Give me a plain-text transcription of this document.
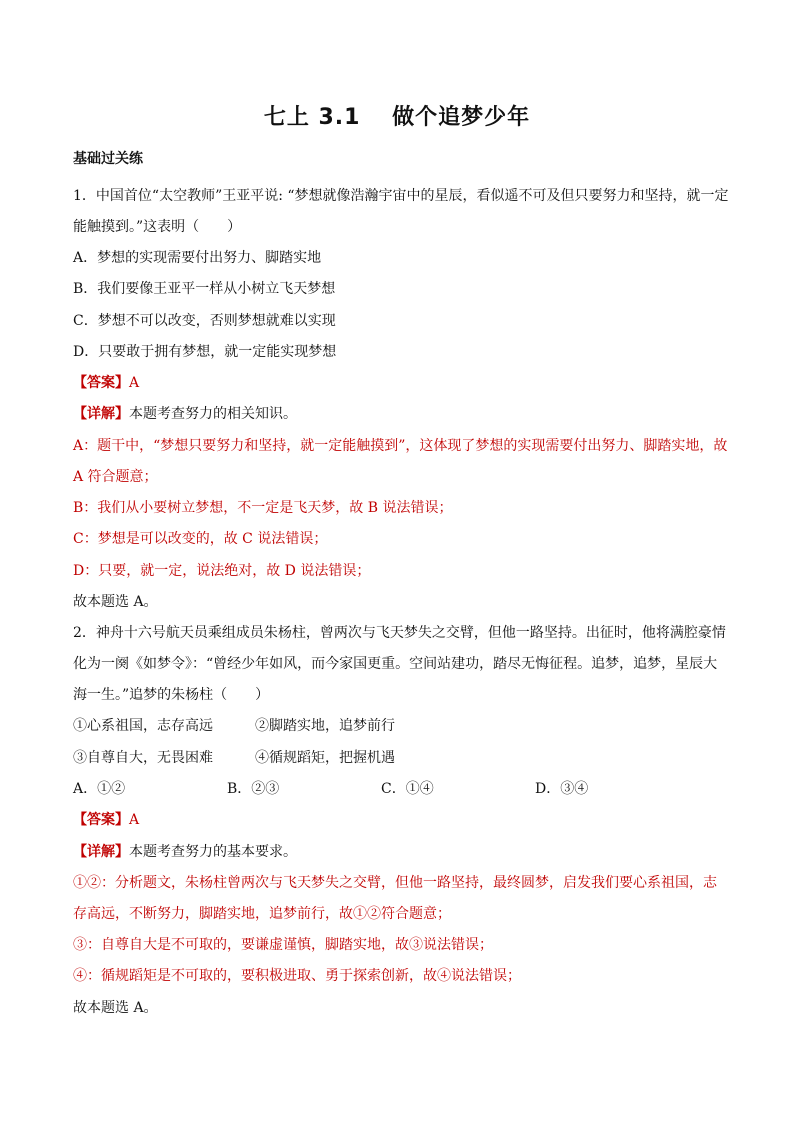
七上 3.1　 做个追梦少年
基础过关练
1．中国首位“太空教师”王亚平说: “梦想就像浩瀚宇宙中的星辰，看似遥不可及但只要努力和坚持，就一定
能触摸到。”这表明（　　）
A．梦想的实现需要付出努力、脚踏实地
B．我们要像王亚平一样从小树立飞天梦想
C．梦想不可以改变，否则梦想就难以实现
D．只要敢于拥有梦想，就一定能实现梦想
【答案】A
【详解】本题考查努力的相关知识。
A：题干中，“梦想只要努力和坚持，就一定能触摸到”，这体现了梦想的实现需要付出努力、脚踏实地，故
A 符合题意；
B：我们从小要树立梦想，不一定是飞天梦，故 B 说法错误；
C：梦想是可以改变的，故 C 说法错误；
D：只要，就一定，说法绝对，故 D 说法错误；
故本题选 A。
2．神舟十六号航天员乘组成员朱杨柱，曾两次与飞天梦失之交臂，但他一路坚持。出征时，他将满腔豪情
化为一阕《如梦令》：“曾经少年如风，而今家国更重。空间站建功，踏尽无悔征程。追梦，追梦，星辰大
海一生。”追梦的朱杨柱（　　）
①心系祖国，志存高远	②脚踏实地，追梦前行
③自尊自大，无畏困难	④循规蹈矩，把握机遇
A．①②	B．②③	C．①④	D．③④
【答案】A
【详解】本题考查努力的基本要求。
①②：分析题文，朱杨柱曾两次与飞天梦失之交臂，但他一路坚持，最终圆梦，启发我们要心系祖国，志
存高远，不断努力，脚踏实地，追梦前行，故①②符合题意；
③：自尊自大是不可取的，要谦虚谨慎，脚踏实地，故③说法错误；
④：循规蹈矩是不可取的，要积极进取、勇于探索创新，故④说法错误；
故本题选 A。
